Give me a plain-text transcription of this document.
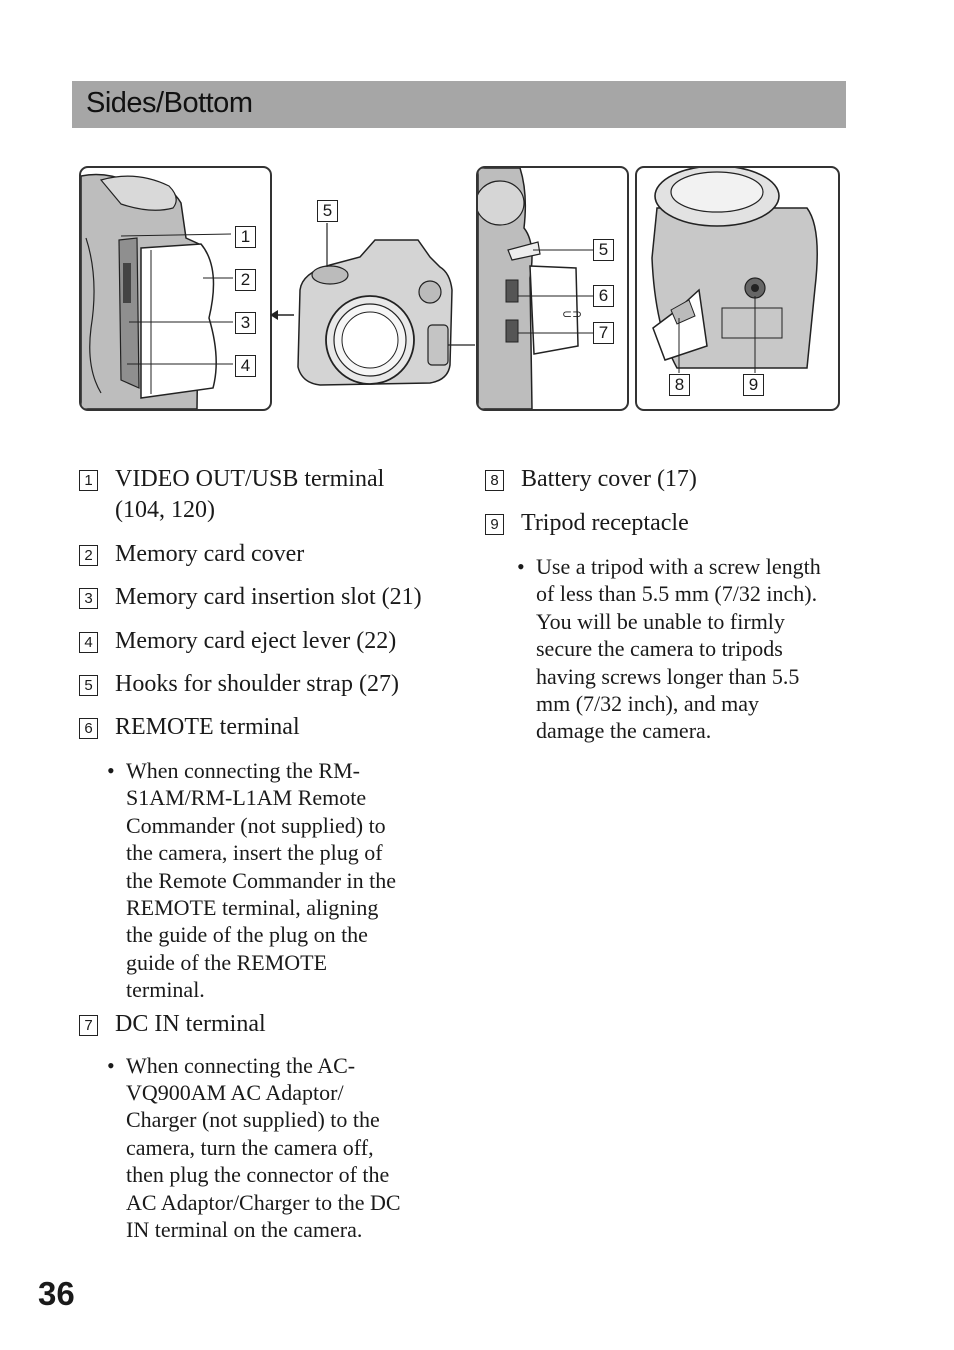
Sides/Bottom
1
2
3
4
5
⊂⊃
5
6
7
8	9
1 VIDEO OUT/USB terminal
(104, 120)
2 Memory card cover
3 Memory card insertion slot (21)
4 Memory card eject lever (22)
5 Hooks for shoulder strap (27)
6 REMOTE terminal
• When connecting the RM-
S1AM/RM-L1AM Remote
Commander (not supplied) to
the camera, insert the plug of
the Remote Commander in the
REMOTE terminal, aligning
the guide of the plug on the
guide of the REMOTE
terminal.
7 DC IN terminal
• When connecting the AC-
VQ900AM AC Adaptor/
Charger (not supplied) to the
camera, turn the camera off,
then plug the connector of the
AC Adaptor/Charger to the DC
IN terminal on the camera.
8 Battery cover (17)
9 Tripod receptacle
• Use a tripod with a screw length
of less than 5.5 mm (7/32 inch).
You will be unable to firmly
secure the camera to tripods
having screws longer than 5.5
mm (7/32 inch), and may
damage the camera.
36
